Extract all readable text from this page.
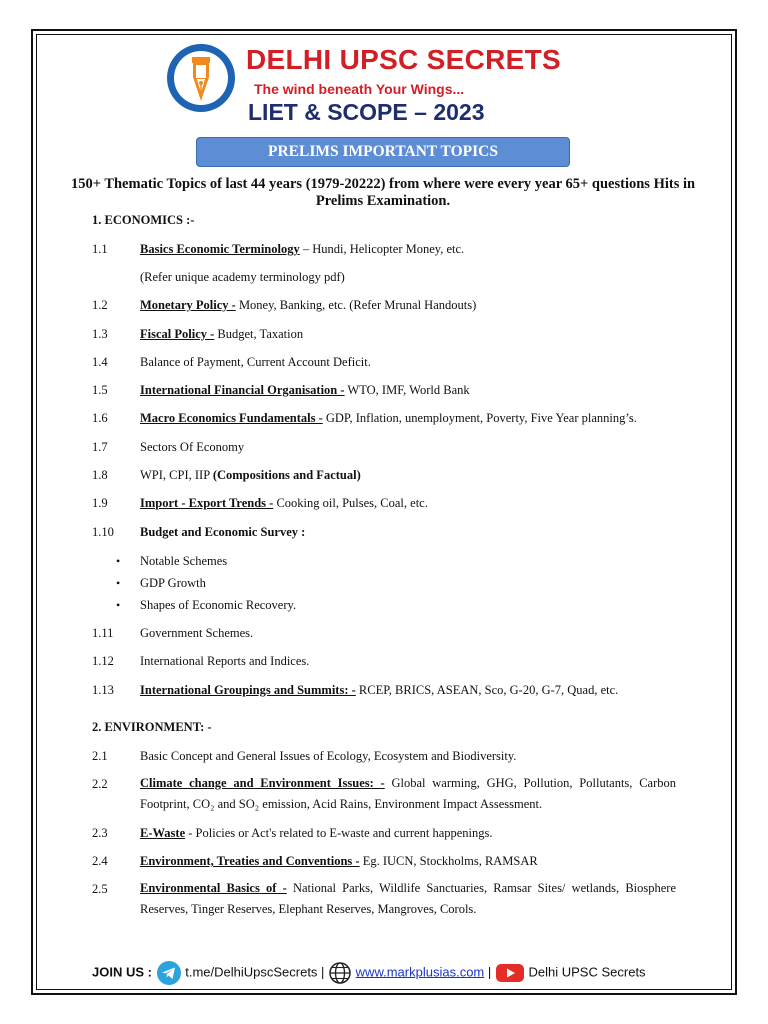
DELHI UPSC SECRETS
The wind beneath Your Wings...
LIET & SCOPE – 2023
PRELIMS IMPORTANT TOPICS
150+ Thematic Topics of last 44 years (1979-20222) from where were every year 65+ questions Hits in Prelims Examination.
1. ECONOMICS :-
1.1	Basics Economic Terminology – Hundi, Helicopter Money, etc.
(Refer unique academy terminology pdf)
1.2	Monetary Policy - Money, Banking, etc. (Refer Mrunal Handouts)
1.3	Fiscal Policy - Budget, Taxation
1.4	Balance of Payment, Current Account Deficit.
1.5	International Financial Organisation - WTO, IMF, World Bank
1.6	Macro Economics Fundamentals - GDP, Inflation, unemployment, Poverty, Five Year planning’s.
1.7	Sectors Of Economy
1.8	WPI, CPI, IIP (Compositions and Factual)
1.9	Import - Export Trends - Cooking oil, Pulses, Coal, etc.
1.10 Budget and Economic Survey :
• Notable Schemes
• GDP Growth
• Shapes of Economic Recovery.
1.11 Government Schemes.
1.12 International Reports and Indices.
1.13 International Groupings and Summits: - RCEP, BRICS, ASEAN, Sco, G-20, G-7, Quad, etc.
2. ENVIRONMENT: -
2.1	Basic Concept and General Issues of Ecology, Ecosystem and Biodiversity.
2.2	Climate change and Environment Issues: - Global warming, GHG, Pollution, Pollutants, Carbon Footprint, CO₂ and SO₂ emission, Acid Rains, Environment Impact Assessment.
2.3	E-Waste - Policies or Act's related to E-waste and current happenings.
2.4	Environment, Treaties and Conventions - Eg. IUCN, Stockholms, RAMSAR
2.5	Environmental Basics of - National Parks, Wildlife Sanctuaries, Ramsar Sites/ wetlands, Biosphere Reserves, Tinger Reserves, Elephant Reserves, Mangroves, Corols.
JOIN US :	t.me/DelhiUpscSecrets |  www.markplusias.com |	Delhi UPSC Secrets
